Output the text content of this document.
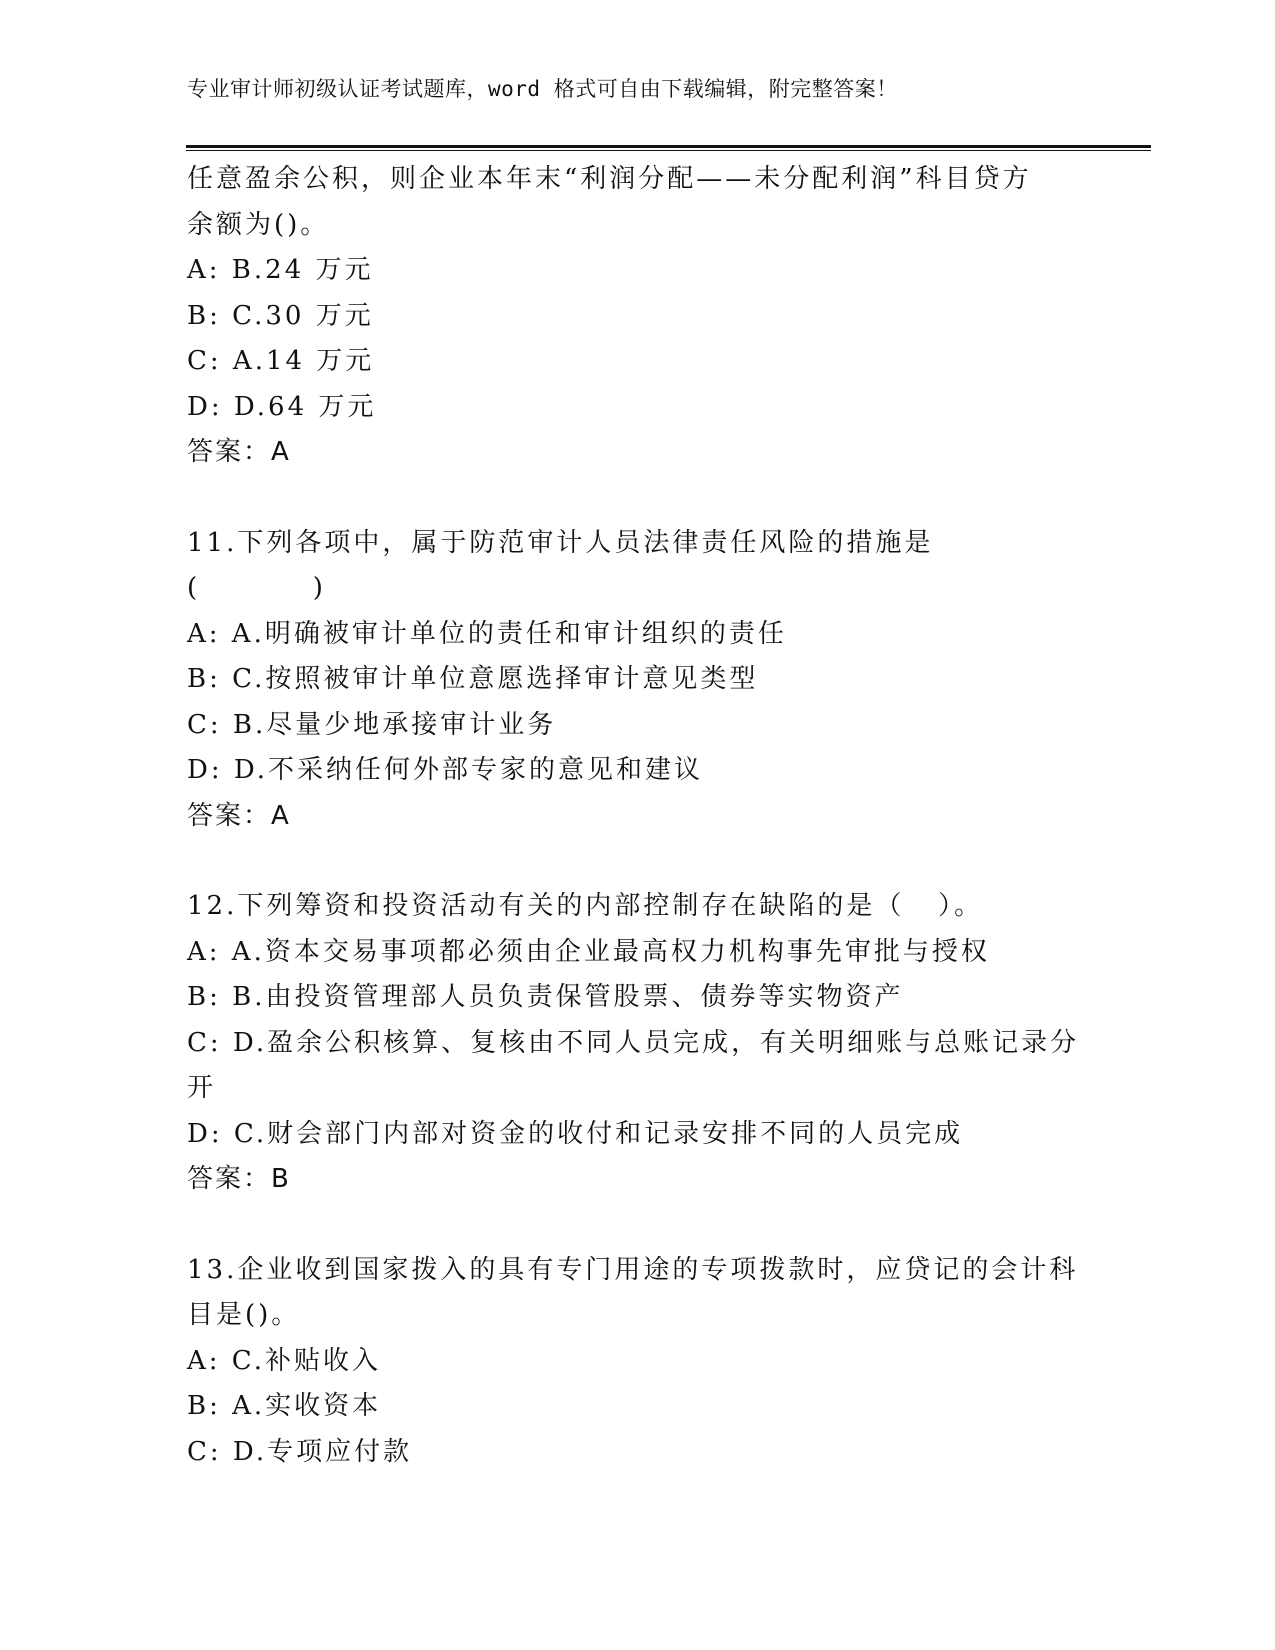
专业审计师初级认证考试题库，word 格式可自由下载编辑，附完整答案！
任意盈余公积，则企业本年末“利润分配——未分配利润”科目贷方
余额为()。
A: B.24 万元
B: C.30 万元
C: A.14 万元
D: D.64 万元
答案：A
11.下列各项中，属于防范审计人员法律责任风险的措施是
(          )
A: A.明确被审计单位的责任和审计组织的责任
B: C.按照被审计单位意愿选择审计意见类型
C: B.尽量少地承接审计业务
D: D.不采纳任何外部专家的意见和建议
答案：A
12.下列筹资和投资活动有关的内部控制存在缺陷的是（   ）。
A: A.资本交易事项都必须由企业最高权力机构事先审批与授权
B: B.由投资管理部人员负责保管股票、债券等实物资产
C: D.盈余公积核算、复核由不同人员完成，有关明细账与总账记录分
开
D: C.财会部门内部对资金的收付和记录安排不同的人员完成
答案：B
13.企业收到国家拨入的具有专门用途的专项拨款时，应贷记的会计科
目是()。
A: C.补贴收入
B: A.实收资本
C: D.专项应付款
